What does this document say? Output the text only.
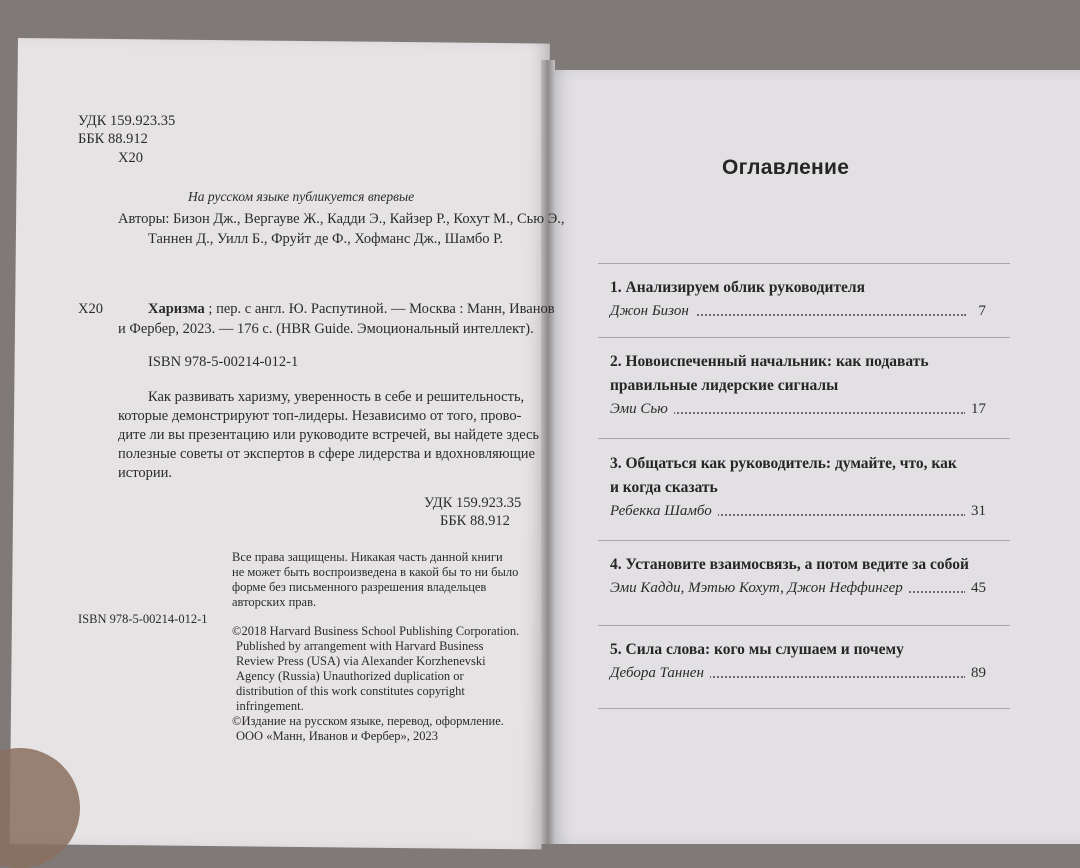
УДК 159.923.35
ББК 88.912
Х20
На русском языке публикуется впервые
Авторы: Бизон Дж., Вергауве Ж., Кадди Э., Кайзер Р., Кохут М., Сью Э.,
Таннен Д., Уилл Б., Фруйт де Ф., Хофманс Дж., Шамбо Р.
Х20	Харизма ; пер. с англ. Ю. Распутиной. — Москва : Манн, Иванов
и Фербер, 2023. — 176 с. (HBR Guide. Эмоциональный интеллект).
ISBN 978-5-00214-012-1
Как развивать харизму, уверенность в себе и решительность,
которые демонстрируют топ-лидеры. Независимо от того, прово-
дите ли вы презентацию или руководите встречей, вы найдете здесь
полезные советы от экспертов в сфере лидерства и вдохновляющие
истории.
УДК 159.923.35
ББК 88.912
Все права защищены. Никакая часть данной книги
не может быть воспроизведена в какой бы то ни было
форме без письменного разрешения владельцев
авторских прав.
ISBN 978-5-00214-012-1
©2018 Harvard Business School Publishing Corporation.
Published by arrangement with Harvard Business
Review Press (USA) via Alexander Korzhenevski
Agency (Russia) Unauthorized duplication or
distribution of this work constitutes copyright
infringement.
©Издание на русском языке, перевод, оформление.
ООО «Манн, Иванов и Фербер», 2023
Оглавление
1. Анализируем облик руководителя
Джон Бизон	7
2. Новоиспеченный начальник: как подавать
правильные лидерские сигналы
Эми Сью	17
3. Общаться как руководитель: думайте, что, как
и когда сказать
Ребекка Шамбо	31
4. Установите взаимосвязь, а потом ведите за собой
Эми Кадди, Мэтью Кохут, Джон Неффингер	45
5. Сила слова: кого мы слушаем и почему
Дебора Таннен	89
